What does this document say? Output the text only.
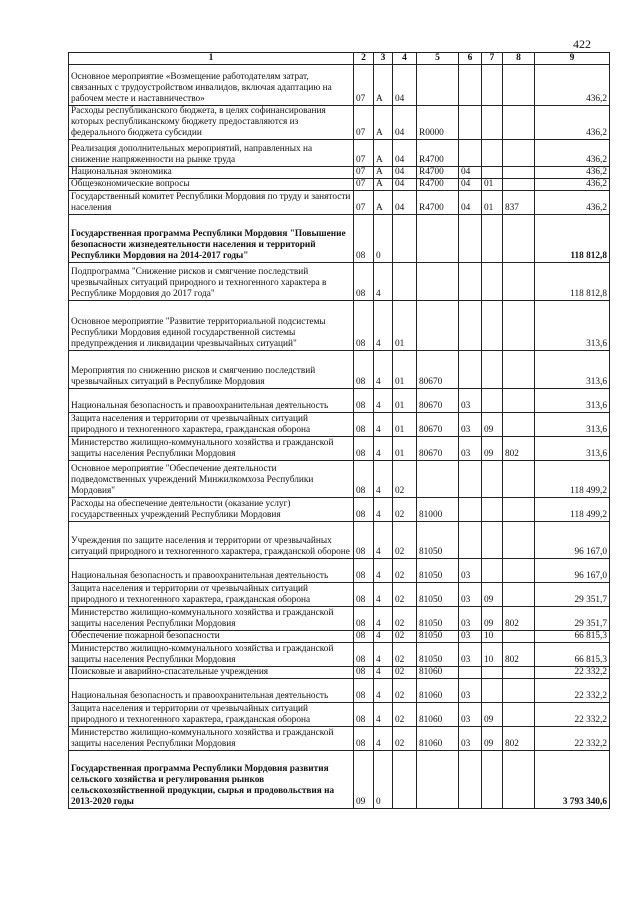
422
1	2	3	4	5	6	7	8	9
Основное мероприятие «Возмещение работодателям затрат, связанных с трудоустройством инвалидов, включая адаптацию на рабочем месте и наставничество»	07	А	04					436,2
Расходы республиканского бюджета, в целях софинансирования которых республиканскому бюджету предоставляются из федерального бюджета субсидии	07	А	04	R0000				436,2
Реализация дополнительных мероприятий, направленных на снижение напряженности на рынке труда	07	А	04	R4700				436,2
Национальная экономика	07	А	04	R4700	04			436,2
Общеэкономические вопросы	07	А	04	R4700	04	01		436,2
Государственный комитет Республики Мордовия по труду и занятости населения	07	А	04	R4700	04	01	837	436,2
Государственная программа Республики Мордовия "Повышение безопасности жизнедеятельности населения и территорий Республики Мордовия на 2014-2017 годы"	08	0						118 812,8
Подпрограмма "Снижение рисков и смягчение последствий чрезвычайных ситуаций природного и техногенного характера в Республике Мордовия до 2017 года"	08	4						118 812,8
Основное мероприятие "Развитие территориальной подсистемы Республики Мордовия единой государственной системы предупреждения и ликвидации чрезвычайных ситуаций"	08	4	01					313,6
Мероприятия по снижению рисков и смягчению последствий чрезвычайных ситуаций в Республике Мордовия	08	4	01	80670				313,6
Национальная безопасность и правоохранительная деятельность	08	4	01	80670	03			313,6
Защита населения и территории от чрезвычайных ситуаций природного и техногенного характера, гражданская оборона	08	4	01	80670	03	09		313,6
Министерство жилищно-коммунального хозяйства и гражданской защиты населения Республики Мордовия	08	4	01	80670	03	09	802	313,6
Основное мероприятие "Обеспечение деятельности подведомственных учреждений Минжилкомхоза Республики Мордовия"	08	4	02					118 499,2
Расходы на обеспечение деятельности (оказание услуг) государственных учреждений Республики Мордовия	08	4	02	81000				118 499,2
Учреждения по защите населения и территории от чрезвычайных ситуаций природного и техногенного характера, гражданской обороне	08	4	02	81050				96 167,0
Национальная безопасность и правоохранительная деятельность	08	4	02	81050	03			96 167,0
Защита населения и территории от чрезвычайных ситуаций природного и техногенного характера, гражданская оборона	08	4	02	81050	03	09		29 351,7
Министерство жилищно-коммунального хозяйства и гражданской защиты населения Республики Мордовия	08	4	02	81050	03	09	802	29 351,7
Обеспечение пожарной безопасности	08	4	02	81050	03	10		66 815,3
Министерство жилищно-коммунального хозяйства и гражданской защиты населения Республики Мордовия	08	4	02	81050	03	10	802	66 815,3
Поисковые и аварийно-спасательные учреждения	08	4	02	81060				22 332,2
Национальная безопасность и правоохранительная деятельность	08	4	02	81060	03			22 332,2
Защита населения и территории от чрезвычайных ситуаций природного и техногенного характера, гражданская оборона	08	4	02	81060	03	09		22 332,2
Министерство жилищно-коммунального хозяйства и гражданской защиты населения Республики Мордовия	08	4	02	81060	03	09	802	22 332,2
Государственная программа Республики Мордовия развития сельского хозяйства и регулирования рынков сельскохозяйственной продукции, сырья и продовольствия на 2013-2020 годы	09	0						3 793 340,6
